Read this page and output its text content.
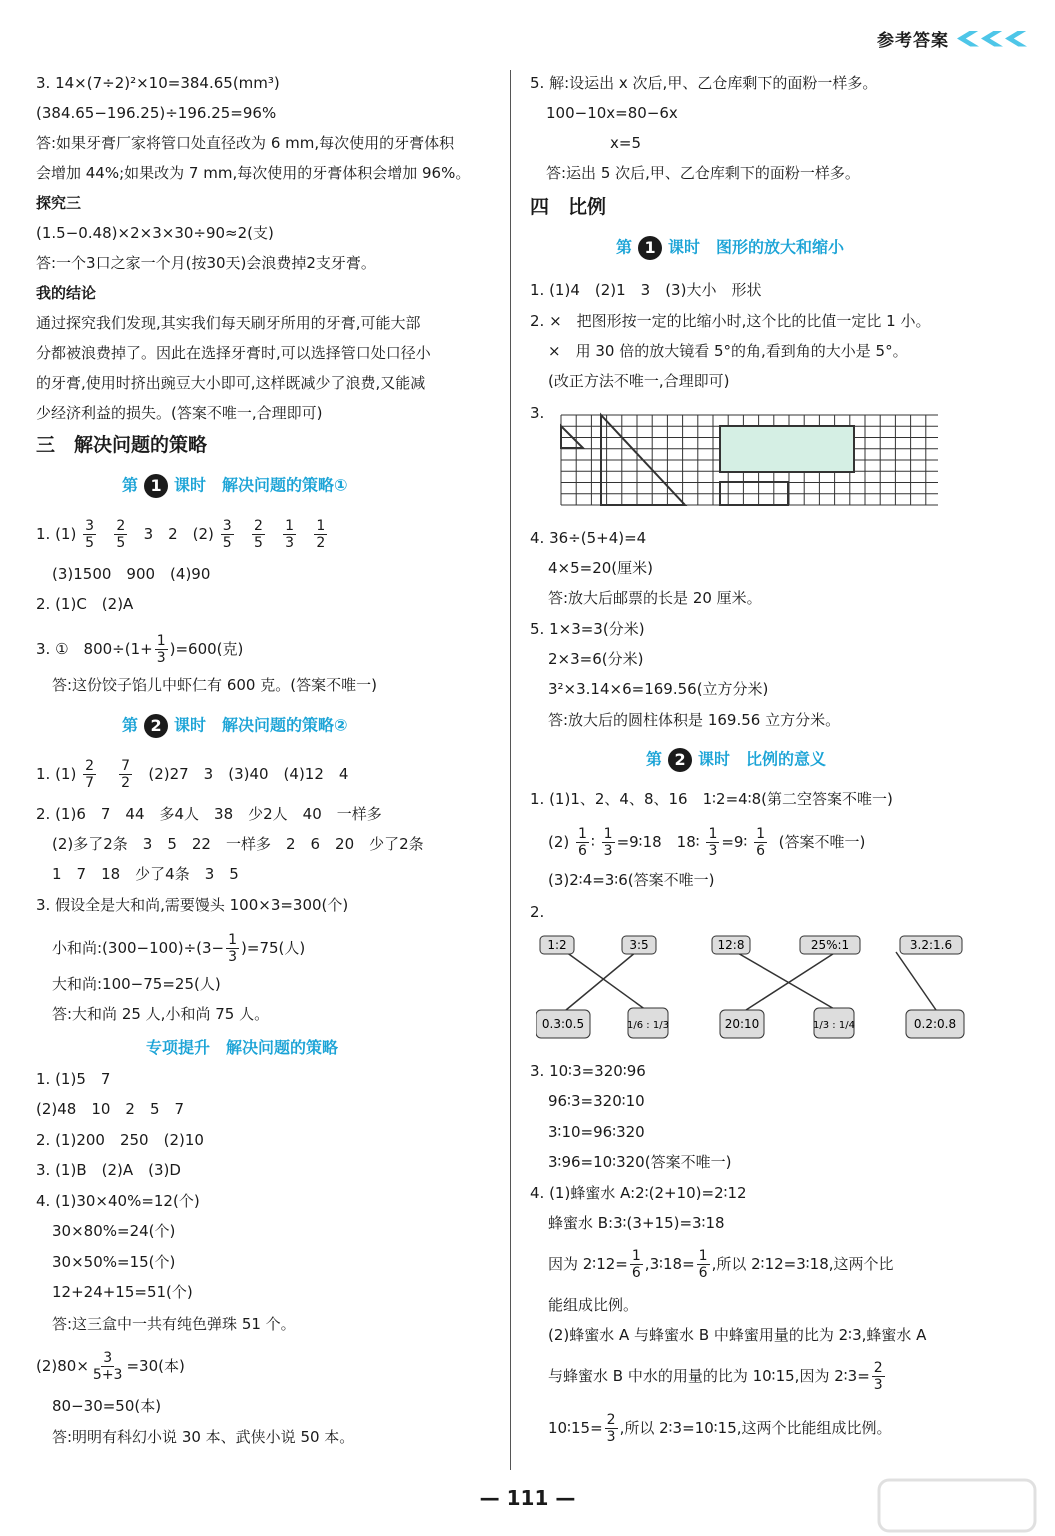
参考答案
3. 14×(7÷2)²×10=384.65(mm³)
(384.65−196.25)÷196.25=96%
答:如果牙膏厂家将管口处直径改为 6 mm,每次使用的牙膏体积
会增加 44%;如果改为 7 mm,每次使用的牙膏体积会增加 96%。
探究三
(1.5−0.48)×2×3×30÷90≈2(支)
答:一个3口之家一个月(按30天)会浪费掉2支牙膏。
我的结论
通过探究我们发现,其实我们每天刷牙所用的牙膏,可能大部
分都被浪费掉了。因此在选择牙膏时,可以选择管口处口径小
的牙膏,使用时挤出豌豆大小即可,这样既减少了浪费,又能减
少经济利益的损失。(答案不唯一,合理即可)
三　解决问题的策略
第 1 课时　解决问题的策略①
1. $(1) \frac{3}{5}$
$\frac{2}{5} 3$　2　$(2) \frac{3}{5}$
$\frac{2}{5}$
$\frac{1}{3}$
$\frac{1}{2}$
(3)1500　900　(4)90
2. (1)C　(2)A
3. ①　$800\div(1+ \frac{1}{3} )=600$(克)
答:这份饺子馅儿中虾仁有 600 克。(答案不唯一)
第 2 课时　解决问题的策略②
1. $(1) \frac{2}{7}$
$\frac{7}{2} (2)27$　3　(3)40　(4)12　4
2. (1)6　7　44　多4人　38　少2人　40　一样多
(2)多了2条　3　5　22　一样多　2　6　20　少了2条
1　7　18　少了4条　3　5
3. 假设全是大和尚,需要馒头 100×3=300(个)
小和尚:(300−100)÷(3− $\frac{1}{3} )=75$(人)
大和尚:100−75=25(人)
答:大和尚 25 人,小和尚 75 人。
专项提升　解决问题的策略
1. (1)5　7
(2)48　10　2　5　7
2. (1)200　250　(2)10
3. (1)B　(2)A　(3)D
4. (1)30×40%=12(个)
30×80%=24(个)
30×50%=15(个)
12+24+15=51(个)
答:这三盒中一共有纯色弹珠 51 个。
$(2)80\times \frac{3}{5+3} =30$(本)
80−30=50(本)
答:明明有科幻小说 30 本、武侠小说 50 本。
5. 解:设运出 x 次后,甲、乙仓库剩下的面粉一样多。
100−10x=80−6x
x=5
答:运出 5 次后,甲、乙仓库剩下的面粉一样多。
四　比例
第 1 课时　图形的放大和缩小
1. (1)4　(2)1　3　(3)大小　形状
2. ×　把图形按一定的比缩小时,这个比的比值一定比 1 小。
×　用 30 倍的放大镜看 5°的角,看到角的大小是 5°。
(改正方法不唯一,合理即可)
3.
4. 36÷(5+4)=4
4×5=20(厘米)
答:放大后邮票的长是 20 厘米。
5. 1×3=3(分米)
2×3=6(分米)
3²×3.14×6=169.56(立方分米)
答:放大后的圆柱体积是 169.56 立方分米。
第 2 课时　比例的意义
1. (1)1、2、4、8、16　1∶2=4∶8(第二空答案不唯一)
$(2) \frac{1}{6}$ ∶ $\frac{1}{3}$ =9∶18　18∶ $\frac{1}{3}$ =9∶ $\frac{1}{6}$ (答案不唯一)
(3)2∶4=3∶6(答案不唯一)
2.
1:2	3:5	12:8	25%:1	3.2:1.6
0.3:0.5	1/6 : 1/3	20:10	1/3 : 1/4	0.2:0.8
3. 10∶3=320∶96
96∶3=320∶10
3∶10=96∶320
3∶96=10∶320(答案不唯一)
4. (1)蜂蜜水 A:2∶(2+10)=2∶12
蜂蜜水 B:3∶(3+15)=3∶18
因为 2∶12= $\frac{1}{6}$ ,3∶18= $\frac{1}{6}$ ,所以 2∶12=3∶18,这两个比
能组成比例。
(2)蜂蜜水 A 与蜂蜜水 B 中蜂蜜用量的比为 2∶3,蜂蜜水 A
与蜂蜜水 B 中水的用量的比为 10∶15,因为 2∶3= $\frac{2}{3}$
10∶15= $\frac{2}{3}$ ,所以 2∶3=10∶15,这两个比能组成比例。
— 111 —
